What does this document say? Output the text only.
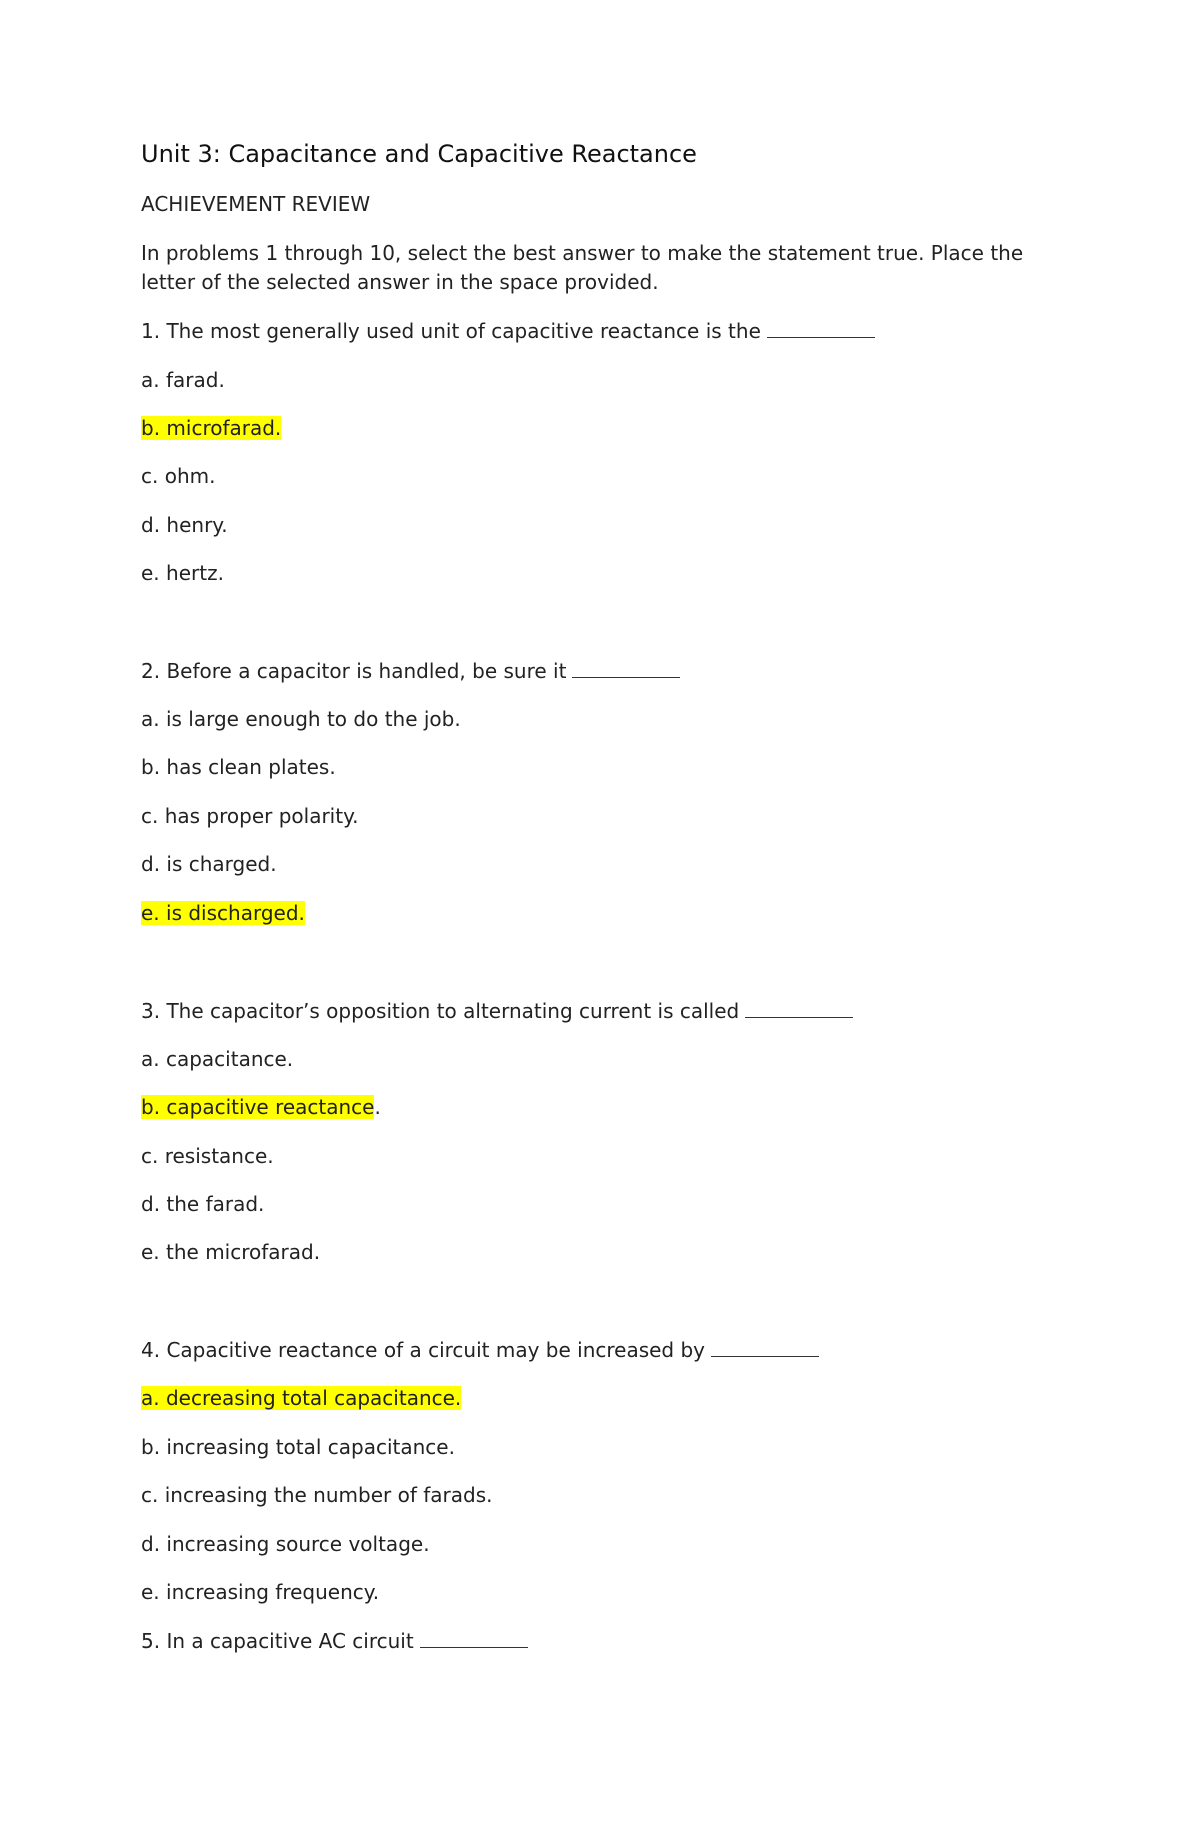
Unit 3: Capacitance and Capacitive Reactance
ACHIEVEMENT REVIEW
In problems 1 through 10, select the best answer to make the statement true. Place the letter of the selected answer in the space provided.
1. The most generally used unit of capacitive reactance is the
a. farad.
b. microfarad.
c. ohm.
d. henry.
e. hertz.
2. Before a capacitor is handled, be sure it
a. is large enough to do the job.
b. has clean plates.
c. has proper polarity.
d. is charged.
e. is discharged.
3. The capacitor’s opposition to alternating current is called
a. capacitance.
b. capacitive reactance.
c. resistance.
d. the farad.
e. the microfarad.
4. Capacitive reactance of a circuit may be increased by
a. decreasing total capacitance.
b. increasing total capacitance.
c. increasing the number of farads.
d. increasing source voltage.
e. increasing frequency.
5. In a capacitive AC circuit
